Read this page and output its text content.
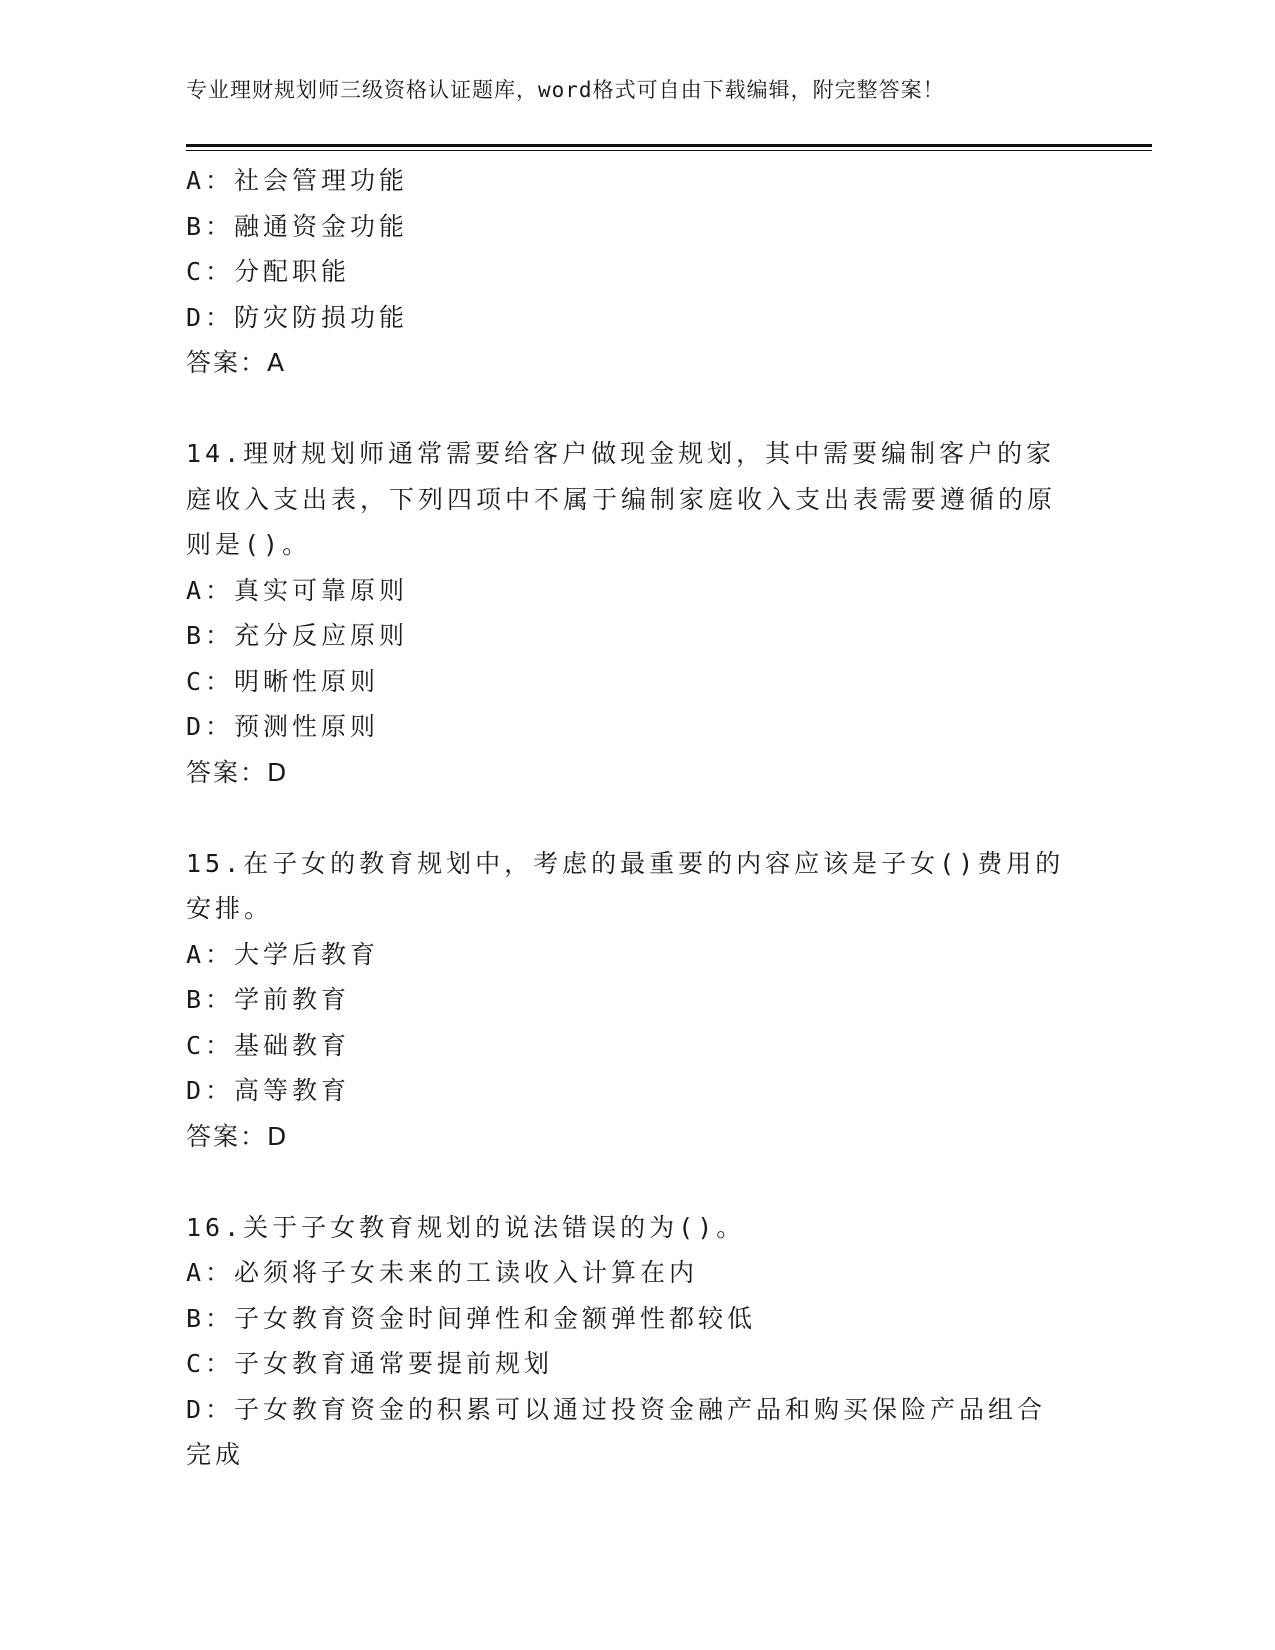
专业理财规划师三级资格认证题库，word格式可自由下载编辑，附完整答案！
A：社会管理功能
B：融通资金功能
C：分配职能
D：防灾防损功能
答案：A
14.理财规划师通常需要给客户做现金规划，其中需要编制客户的家庭收入支出表，下列四项中不属于编制家庭收入支出表需要遵循的原则是()。
A：真实可靠原则
B：充分反应原则
C：明晰性原则
D：预测性原则
答案：D
15.在子女的教育规划中，考虑的最重要的内容应该是子女()费用的安排。
A：大学后教育
B：学前教育
C：基础教育
D：高等教育
答案：D
16.关于子女教育规划的说法错误的为()。
A：必须将子女未来的工读收入计算在内
B：子女教育资金时间弹性和金额弹性都较低
C：子女教育通常要提前规划
D：子女教育资金的积累可以通过投资金融产品和购买保险产品组合完成
